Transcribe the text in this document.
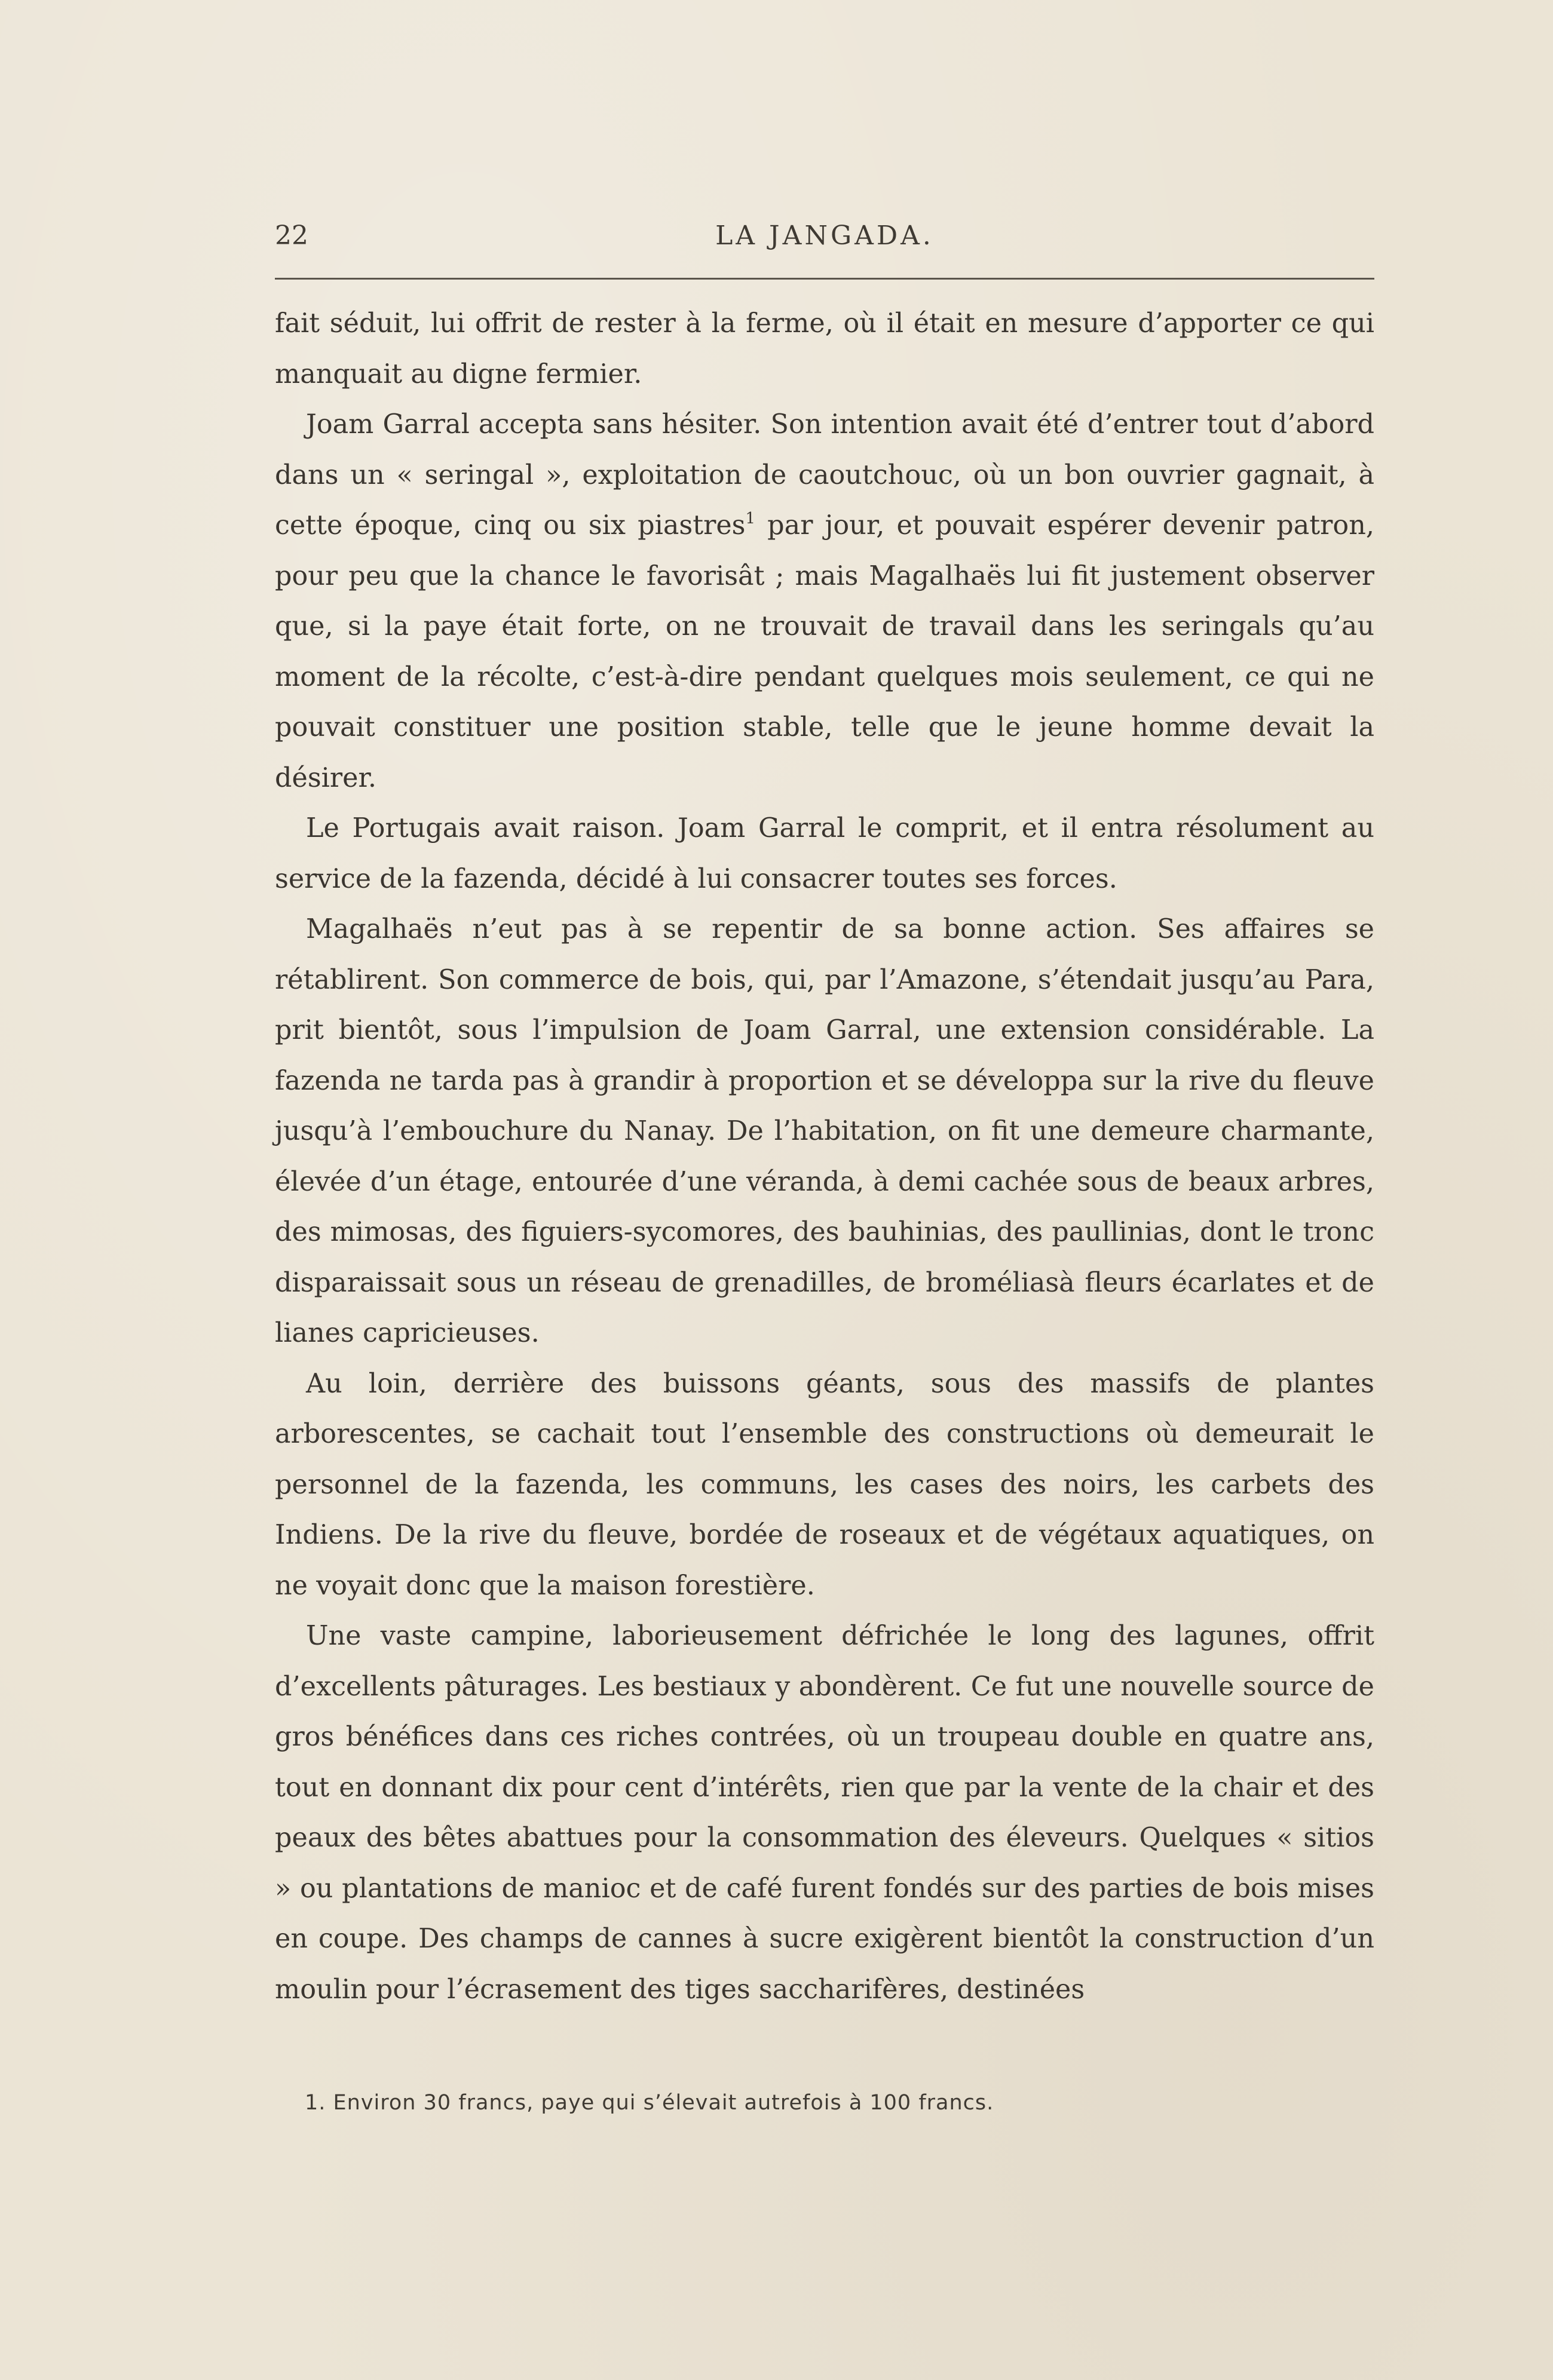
22	LA JANGADA.

fait séduit, lui offrit de rester à la ferme, où il était en mesure d’apporter ce qui manquait au digne fermier.

Joam Garral accepta sans hésiter. Son intention avait été d’entrer tout d’abord dans un « seringal », exploitation de caoutchouc, où un bon ouvrier gagnait, à cette époque, cinq ou six piastres$^1$ par jour, et pouvait espérer devenir patron, pour peu que la chance le favorisât ; mais Magalhaës lui fit justement observer que, si la paye était forte, on ne trouvait de travail dans les seringals qu’au moment de la récolte, c’est-à-dire pendant quelques mois seulement, ce qui ne pouvait constituer une position stable, telle que le jeune homme devait la désirer.

Le Portugais avait raison. Joam Garral le comprit, et il entra résolument au service de la fazenda, décidé à lui consacrer toutes ses forces.

Magalhaës n’eut pas à se repentir de sa bonne action. Ses affaires se rétablirent. Son commerce de bois, qui, par l’Amazone, s’étendait jusqu’au Para, prit bientôt, sous l’impulsion de Joam Garral, une extension considérable. La fazenda ne tarda pas à grandir à proportion et se développa sur la rive du fleuve jusqu’à l’embouchure du Nanay. De l’habitation, on fit une demeure charmante, élevée d’un étage, entourée d’une véranda, à demi cachée sous de beaux arbres, des mimosas, des figuiers-sycomores, des bauhinias, des paullinias, dont le tronc disparaissait sous un réseau de grenadilles, de broméliasà fleurs écarlates et de lianes capricieuses.

Au loin, derrière des buissons géants, sous des massifs de plantes arborescentes, se cachait tout l’ensemble des constructions où demeurait le personnel de la fazenda, les communs, les cases des noirs, les carbets des Indiens. De la rive du fleuve, bordée de roseaux et de végétaux aquatiques, on ne voyait donc que la maison forestière.

Une vaste campine, laborieusement défrichée le long des lagunes, offrit d’excellents pâturages. Les bestiaux y abondèrent. Ce fut une nouvelle source de gros bénéfices dans ces riches contrées, où un troupeau double en quatre ans, tout en donnant dix pour cent d’intérêts, rien que par la vente de la chair et des peaux des bêtes abattues pour la consommation des éleveurs. Quelques « sitios » ou plantations de manioc et de café furent fondés sur des parties de bois mises en coupe. Des champs de cannes à sucre exigèrent bientôt la construction d’un moulin pour l’écrasement des tiges saccharifères, destinées

1. Environ 30 francs, paye qui s’élevait autrefois à 100 francs.
